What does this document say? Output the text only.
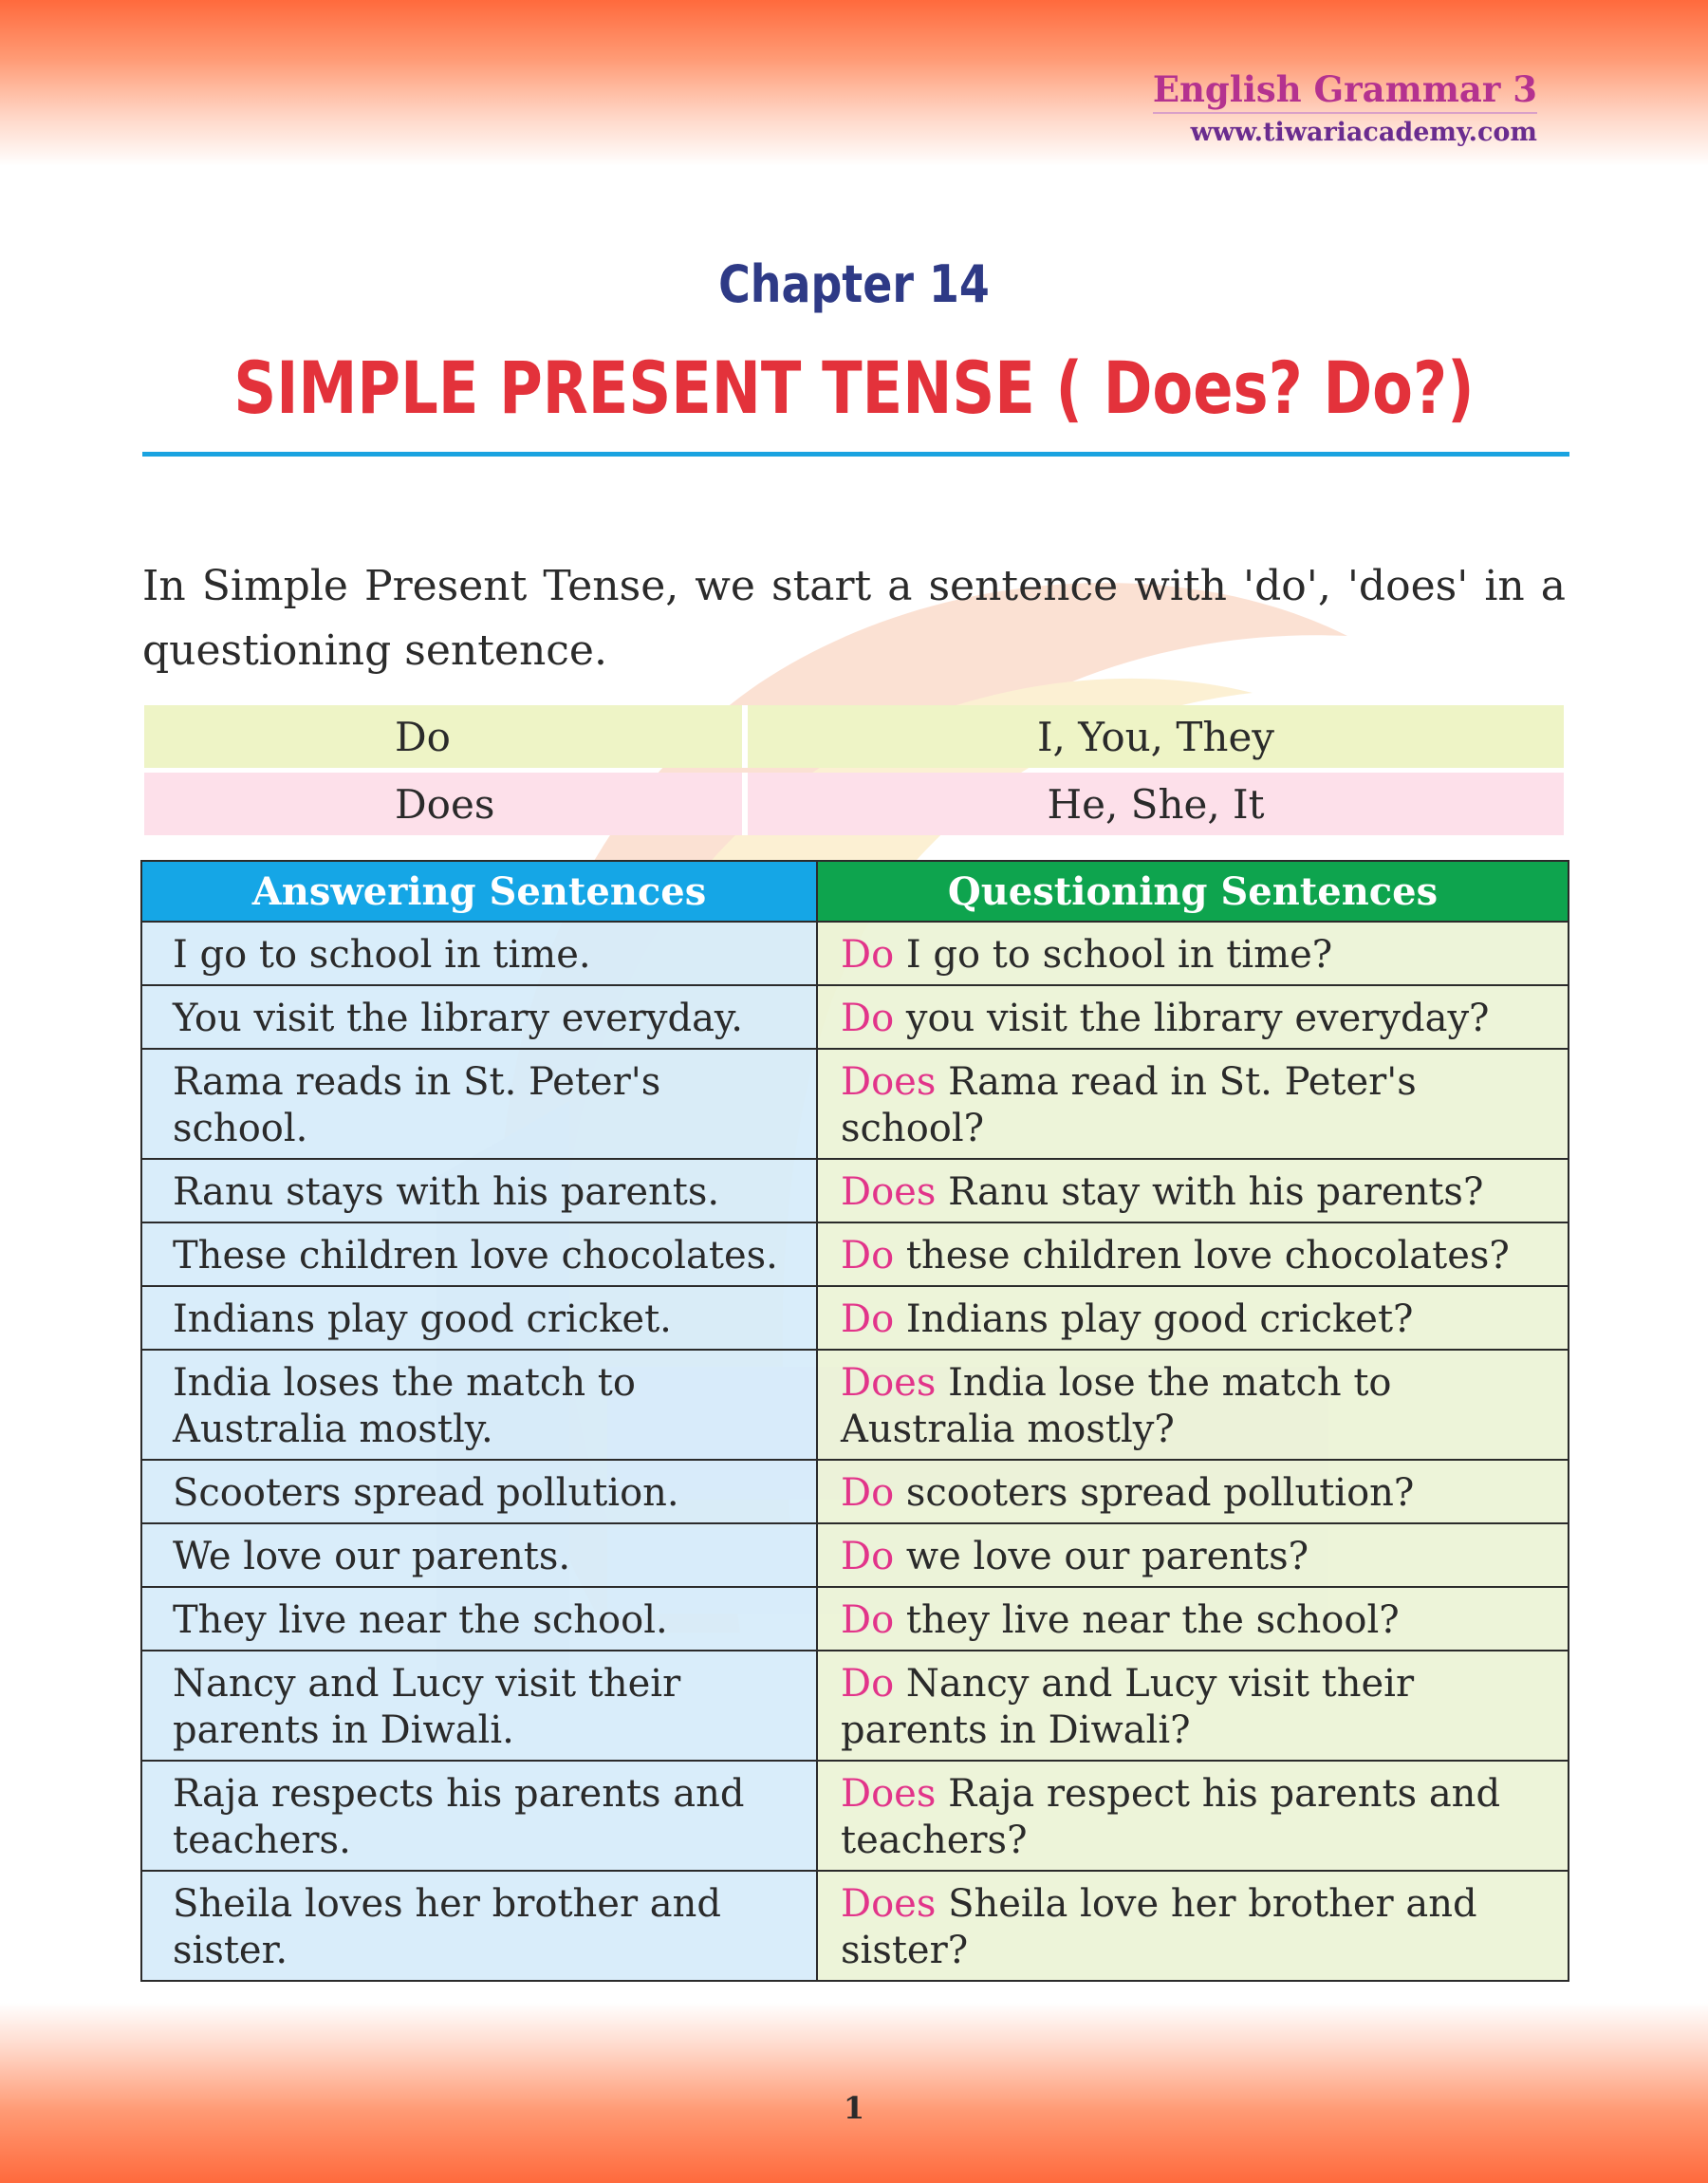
English Grammar 3
www.tiwariacademy.com
Chapter 14
SIMPLE PRESENT TENSE ( Does? Do?)
In Simple Present Tense, we start a sentence with 'do', 'does' in a questioning sentence.
Do	I, You, They
Does	He, She, It
Answering Sentences	Questioning Sentences
I go to school in time.	Do I go to school in time?
You visit the library everyday.	Do you visit the library everyday?
Rama reads in St. Peter's school.	Does Rama read in St. Peter's school?
Ranu stays with his parents.	Does Ranu stay with his parents?
These children love chocolates.	Do these children love chocolates?
Indians play good cricket.	Do Indians play good cricket?
India loses the match to Australia mostly.	Does India lose the match to Australia mostly?
Scooters spread pollution.	Do scooters spread pollution?
We love our parents.	Do we love our parents?
They live near the school.	Do they live near the school?
Nancy and Lucy visit their parents in Diwali.	Do Nancy and Lucy visit their parents in Diwali?
Raja respects his parents and teachers.	Does Raja respect his parents and teachers?
Sheila loves her brother and sister.	Does Sheila love her brother and sister?
1
